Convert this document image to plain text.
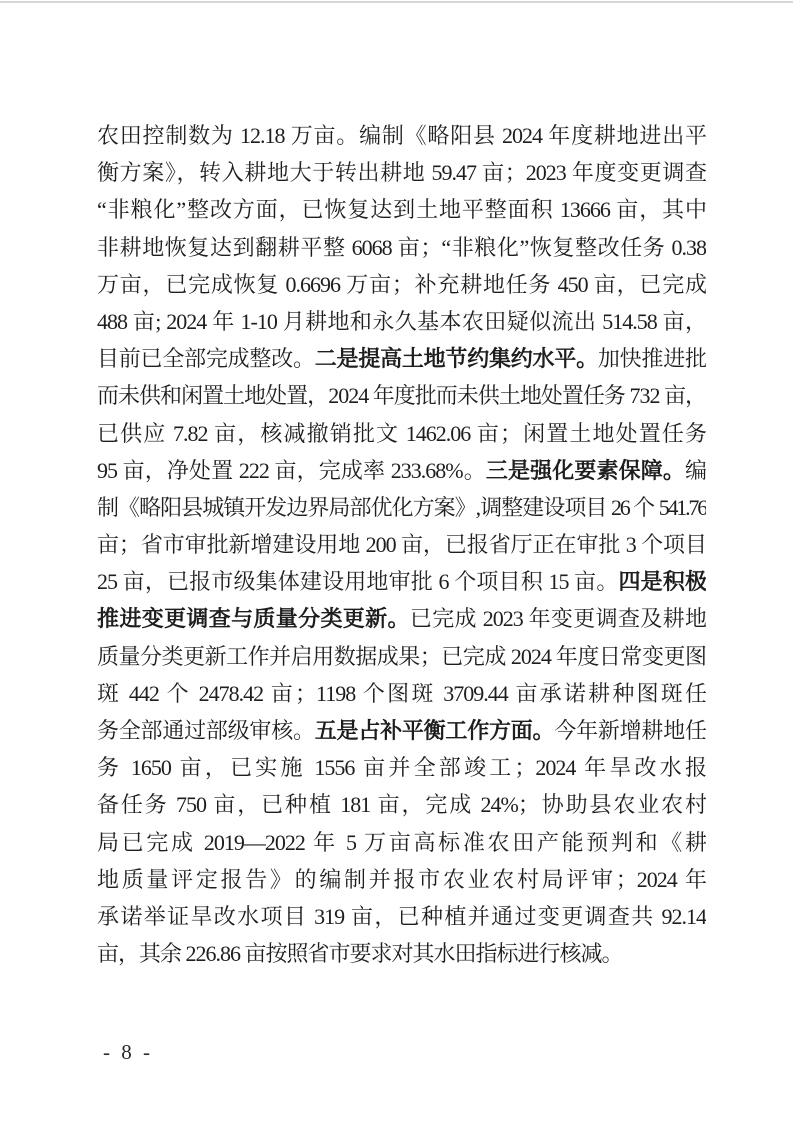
农田控制数为 12.18 万亩。编制《略阳县 2024 年度耕地进出平
衡方案》，转入耕地大于转出耕地 59.47 亩；2023 年度变更调查
“非粮化”整改方面，已恢复达到土地平整面积 13666 亩，其中
非耕地恢复达到翻耕平整 6068 亩；“非粮化”恢复整改任务 0.38
万亩，已完成恢复 0.6696 万亩；补充耕地任务 450 亩，已完成
488 亩; 2024 年 1-10 月耕地和永久基本农田疑似流出 514.58 亩，
目前已全部完成整改。二是提高土地节约集约水平。加快推进批
而未供和闲置土地处置，2024 年度批而未供土地处置任务 732 亩，
已供应 7.82 亩，核减撤销批文 1462.06 亩；闲置土地处置任务
95 亩，净处置 222 亩，完成率 233.68%。三是强化要素保障。编
制《略阳县城镇开发边界局部优化方案》,调整建设项目 26 个 541.76
亩；省市审批新增建设用地 200 亩，已报省厅正在审批 3 个项目
25 亩，已报市级集体建设用地审批 6 个项目积 15 亩。四是积极
推进变更调查与质量分类更新。已完成 2023 年变更调查及耕地
质量分类更新工作并启用数据成果；已完成 2024 年度日常变更图
斑 442 个 2478.42 亩；1198 个图斑 3709.44 亩承诺耕种图斑任
务全部通过部级审核。五是占补平衡工作方面。今年新增耕地任
务 1650 亩，已实施 1556 亩并全部竣工；2024 年旱改水报
备任务 750 亩，已种植 181 亩，完成 24%；协助县农业农村
局已完成 2019—2022 年 5 万亩高标准农田产能预判和《耕
地质量评定报告》的编制并报市农业农村局评审；2024 年
承诺举证旱改水项目 319 亩，已种植并通过变更调查共 92.14
亩，其余 226.86 亩按照省市要求对其水田指标进行核减。
- 8 -
